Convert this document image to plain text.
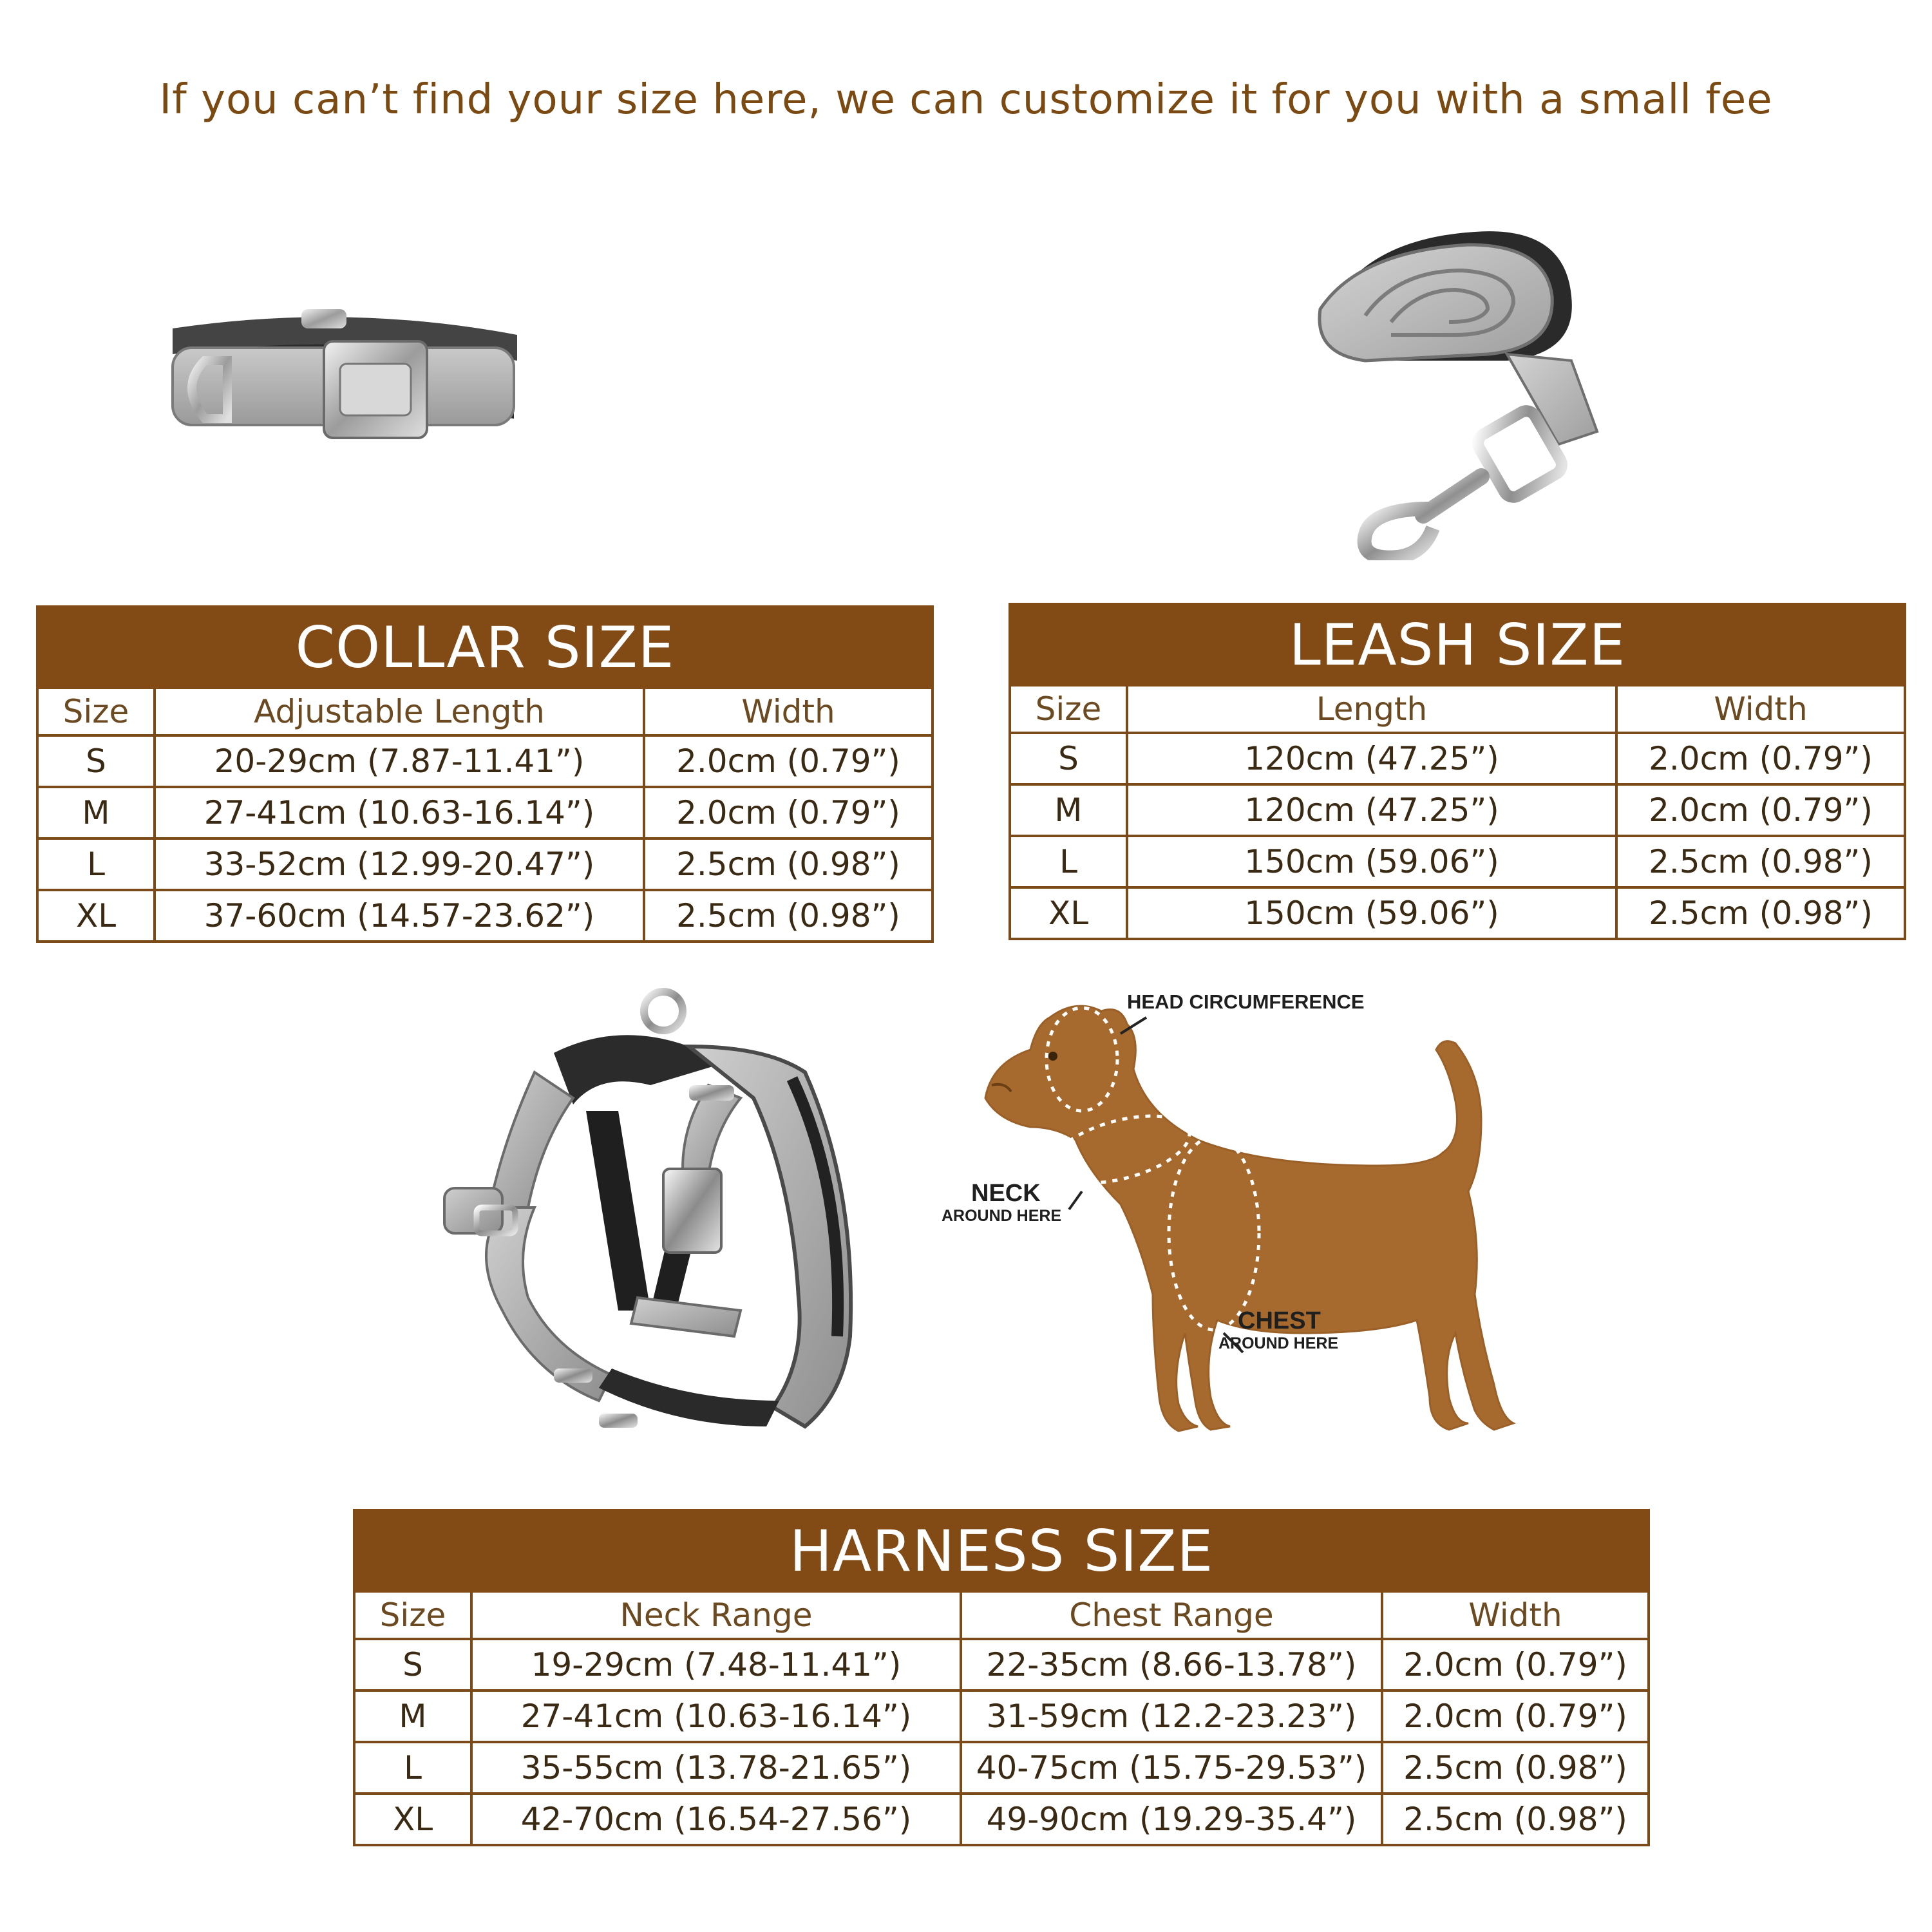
If you can’t find your size here, we can customize it for you with a small fee
COLLAR SIZE		
Size	Adjustable Length	Width
S	20-29cm (7.87-11.41”)	2.0cm (0.79”)
M	27-41cm (10.63-16.14”)	2.0cm (0.79”)
L	33-52cm (12.99-20.47”)	2.5cm (0.98”)
XL	37-60cm (14.57-23.62”)	2.5cm (0.98”)
LEASH SIZE		
Size	Length	Width
S	120cm (47.25”)	2.0cm (0.79”)
M	120cm (47.25”)	2.0cm (0.79”)
L	150cm (59.06”)	2.5cm (0.98”)
XL	150cm (59.06”)	2.5cm (0.98”)
HEAD CIRCUMFERENCE
NECK
AROUND HERE
CHEST
AROUND HERE
HARNESS SIZE			
Size	Neck Range	Chest Range	Width
S	19-29cm (7.48-11.41”)	22-35cm (8.66-13.78”)	2.0cm (0.79”)
M	27-41cm (10.63-16.14”)	31-59cm (12.2-23.23”)	2.0cm (0.79”)
L	35-55cm (13.78-21.65”)	40-75cm (15.75-29.53”)	2.5cm (0.98”)
XL	42-70cm (16.54-27.56”)	49-90cm (19.29-35.4”)	2.5cm (0.98”)
